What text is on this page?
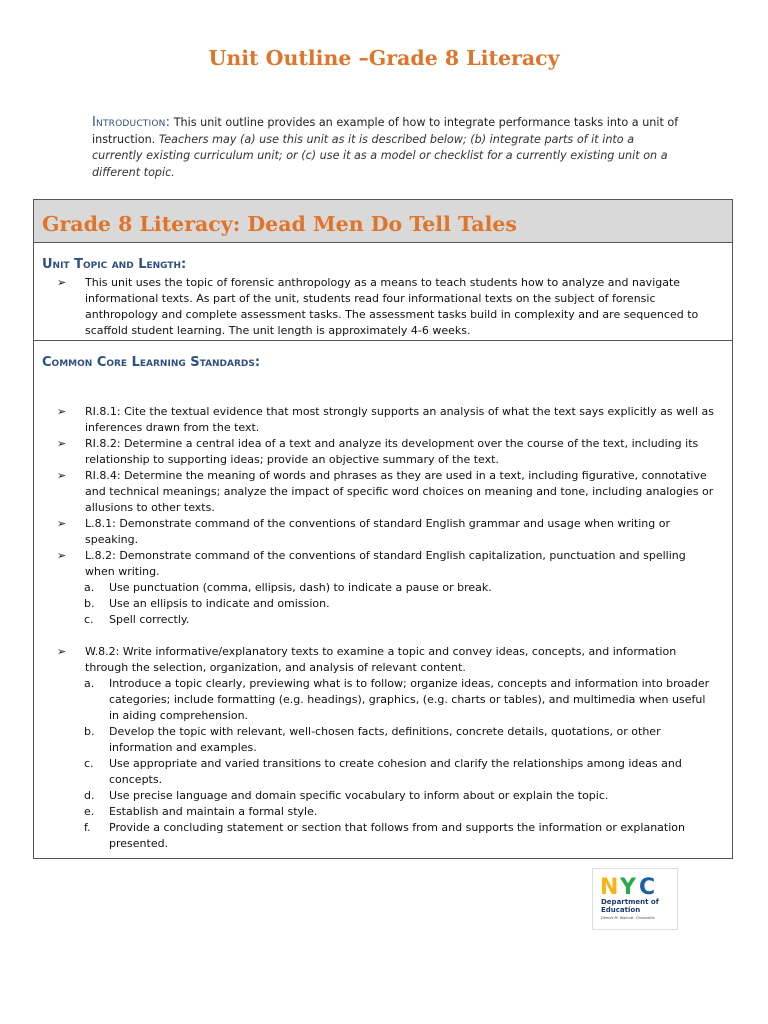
Unit Outline –Grade 8 Literacy
Introduction: This unit outline provides an example of how to integrate performance tasks into a unit of instruction. Teachers may (a) use this unit as it is described below; (b) integrate parts of it into a currently existing curriculum unit; or (c) use it as a model or checklist for a currently existing unit on a different topic.
Grade 8 Literacy: Dead Men Do Tell Tales
Unit Topic and Length:
➢ This unit uses the topic of forensic anthropology as a means to teach students how to analyze and navigate informational texts. As part of the unit, students read four informational texts on the subject of forensic anthropology and complete assessment tasks. The assessment tasks build in complexity and are sequenced to scaffold student learning. The unit length is approximately 4-6 weeks.
Common Core Learning Standards:
➢ RI.8.1: Cite the textual evidence that most strongly supports an analysis of what the text says explicitly as well as inferences drawn from the text.
➢ RI.8.2: Determine a central idea of a text and analyze its development over the course of the text, including its relationship to supporting ideas; provide an objective summary of the text.
➢ RI.8.4: Determine the meaning of words and phrases as they are used in a text, including figurative, connotative and technical meanings; analyze the impact of specific word choices on meaning and tone, including analogies or allusions to other texts.
➢ L.8.1: Demonstrate command of the conventions of standard English grammar and usage when writing or speaking.
➢ L.8.2: Demonstrate command of the conventions of standard English capitalization, punctuation and spelling when writing.
a. Use punctuation (comma, ellipsis, dash) to indicate a pause or break.
b. Use an ellipsis to indicate and omission.
c. Spell correctly.
➢ W.8.2: Write informative/explanatory texts to examine a topic and convey ideas, concepts, and information through the selection, organization, and analysis of relevant content.
a. Introduce a topic clearly, previewing what is to follow; organize ideas, concepts and information into broader categories; include formatting (e.g. headings), graphics, (e.g. charts or tables), and multimedia when useful in aiding comprehension.
b. Develop the topic with relevant, well-chosen facts, definitions, concrete details, quotations, or other information and examples.
c. Use appropriate and varied transitions to create cohesion and clarify the relationships among ideas and concepts.
d. Use precise language and domain specific vocabulary to inform about or explain the topic.
e. Establish and maintain a formal style.
f. Provide a concluding statement or section that follows from and supports the information or explanation presented.
N Y C
Department of
Education
Dennis M. Walcott, Chancellor
